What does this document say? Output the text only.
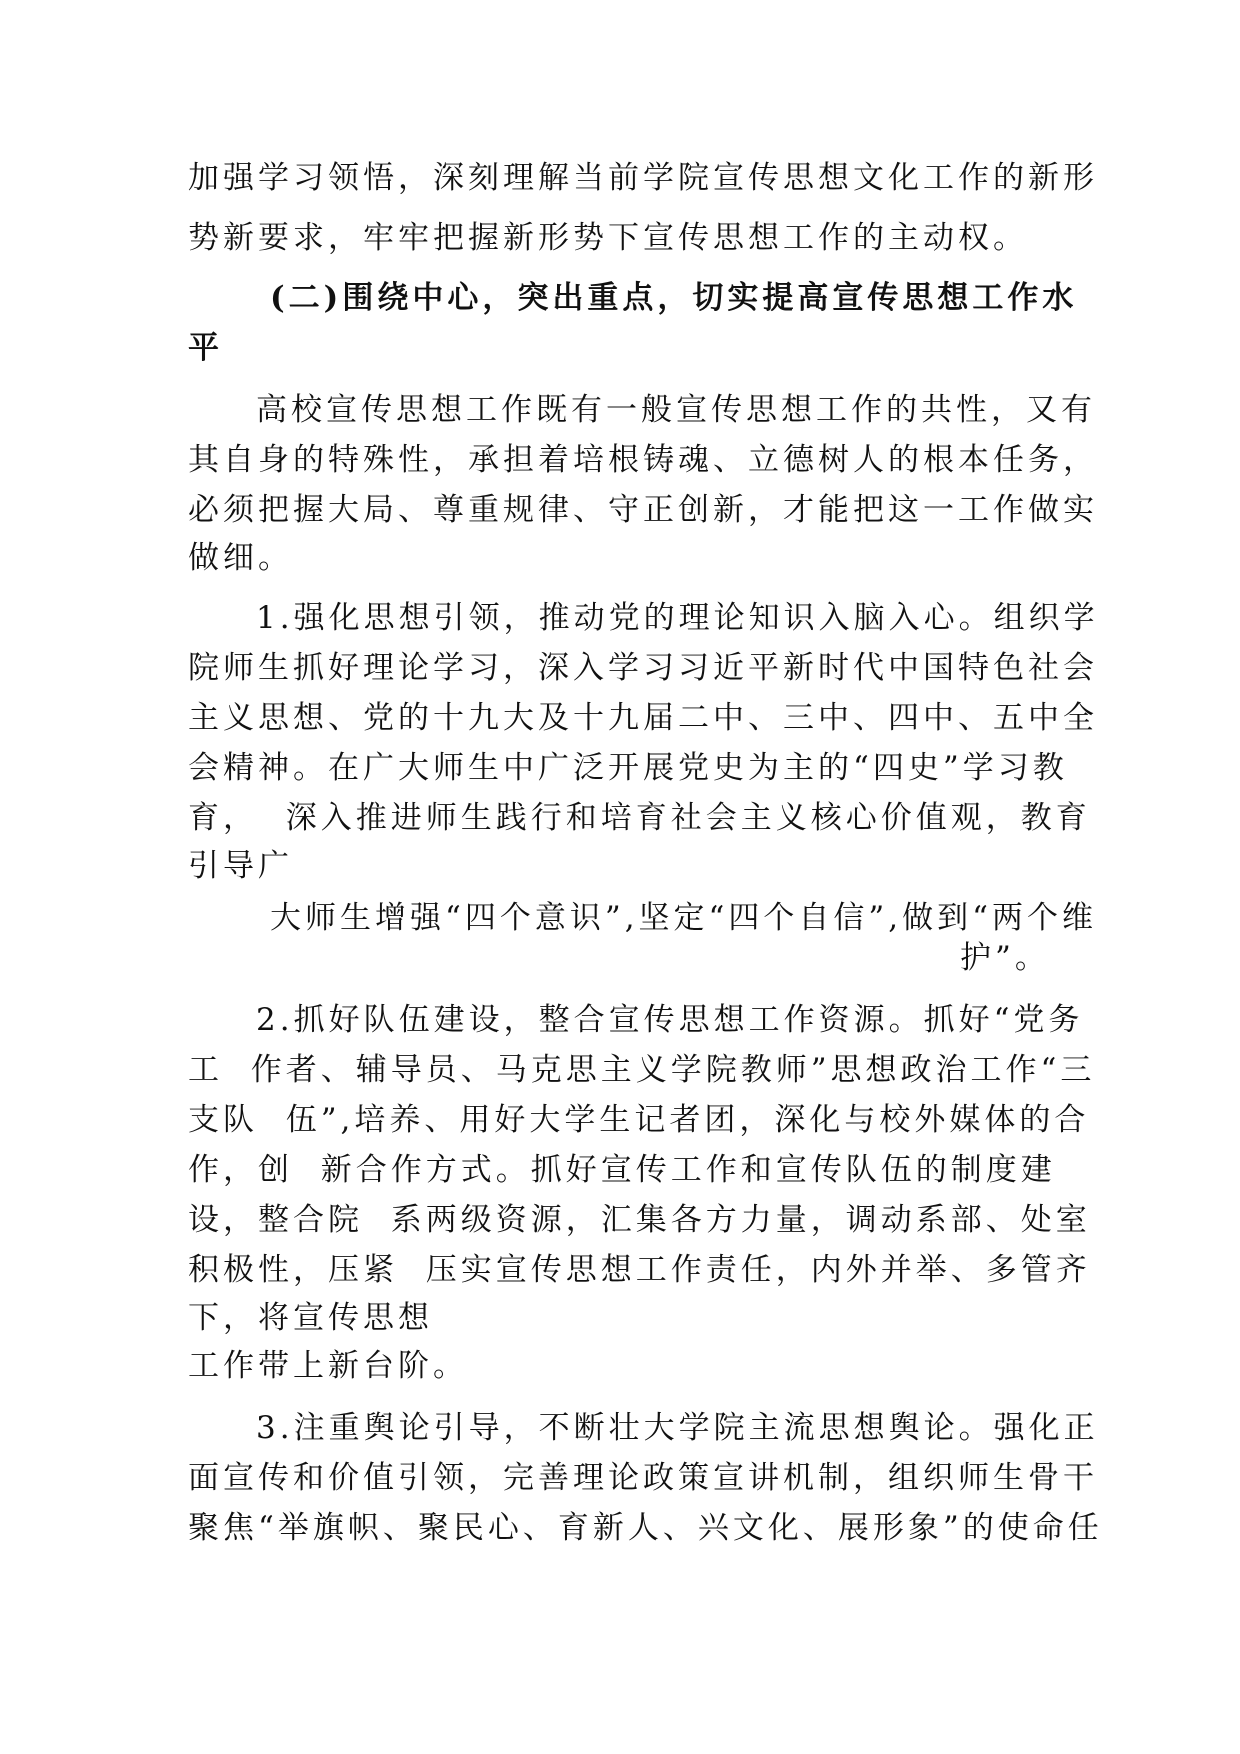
加强学习领悟，深刻理解当前学院宣传思想文化工作的新形

势新要求，牢牢把握新形势下宣传思想工作的主动权。

(二)围绕中心，突出重点，切实提高宣传思想工作水

平

高校宣传思想工作既有一般宣传思想工作的共性，又有

其自身的特殊性，承担着培根铸魂、立德树人的根本任务，

必须把握大局、尊重规律、守正创新，才能把这一工作做实

做细。

1.强化思想引领，推动党的理论知识入脑入心。组织学

院师生抓好理论学习，深入学习习近平新时代中国特色社会

主义思想、党的十九大及十九届二中、三中、四中、五中全

会精神。在广大师生中广泛开展党史为主的“四史”学习教

育，  深入推进师生践行和培育社会主义核心价值观，教育

引导广

大师生增强“四个意识”,坚定“四个自信”,做到“两个维

护”。

2.抓好队伍建设，整合宣传思想工作资源。抓好“党务

工  作者、辅导员、马克思主义学院教师”思想政治工作“三

支队  伍”,培养、用好大学生记者团，深化与校外媒体的合

作，创  新合作方式。抓好宣传工作和宣传队伍的制度建

设，整合院  系两级资源，汇集各方力量，调动系部、处室

积极性，压紧  压实宣传思想工作责任，内外并举、多管齐

下，将宣传思想

工作带上新台阶。

3.注重舆论引导，不断壮大学院主流思想舆论。强化正

面宣传和价值引领，完善理论政策宣讲机制，组织师生骨干

聚焦“举旗帜、聚民心、育新人、兴文化、展形象”的使命任
